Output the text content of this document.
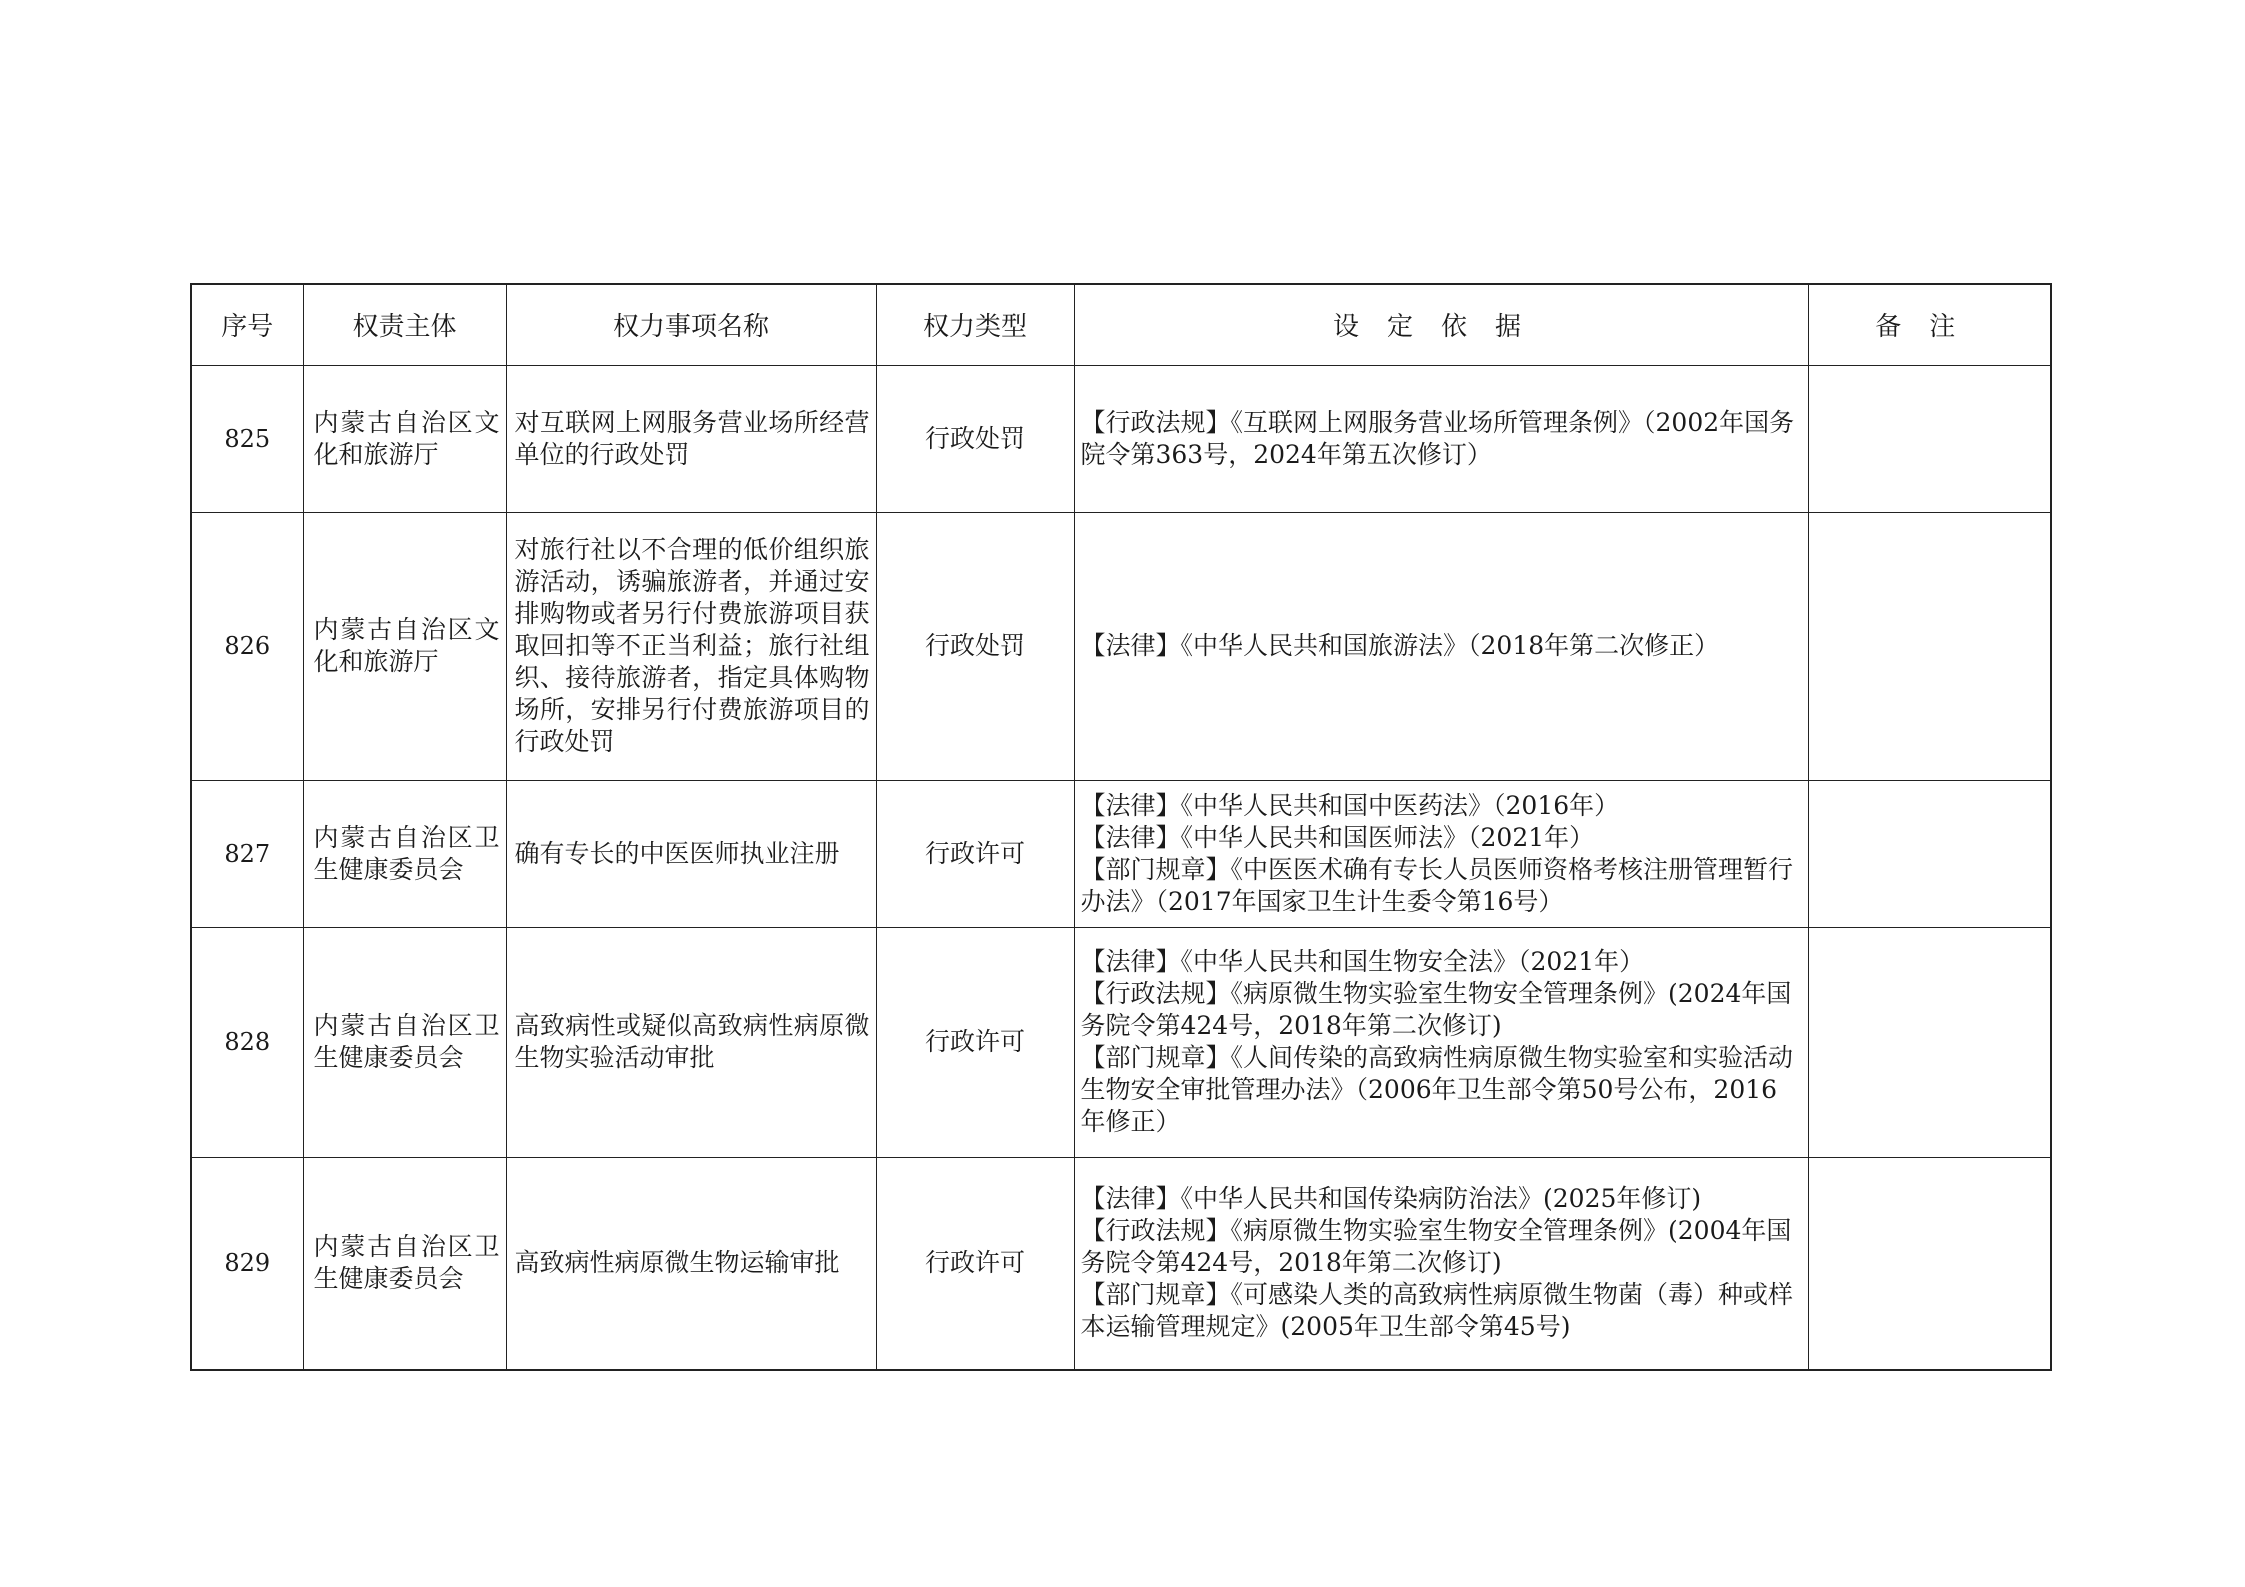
序号	权责主体	权力事项名称	权力类型	设定依据	备注
825	内蒙古自治区文化和旅游厅	对互联网上网服务营业场所经营单位的行政处罚	行政处罚	【行政法规】《互联网上网服务营业场所管理条例》（2002年国务院令第363号，2024年第五次修订）	

826	内蒙古自治区文化和旅游厅	对旅行社以不合理的低价组织旅游活动，诱骗旅游者，并通过安排购物或者另行付费旅游项目获取回扣等不正当利益；旅行社组织、接待旅游者，指定具体购物场所，安排另行付费旅游项目的行政处罚	行政处罚	【法律】《中华人民共和国旅游法》（2018年第二次修正）	

827	内蒙古自治区卫生健康委员会	确有专长的中医医师执业注册	行政许可	【法律】《中华人民共和国中医药法》（2016年）
【法律】《中华人民共和国医师法》（2021年）
【部门规章】《中医医术确有专长人员医师资格考核注册管理暂行办法》（2017年国家卫生计生委令第16号）	

828	内蒙古自治区卫生健康委员会	高致病性或疑似高致病性病原微生物实验活动审批	行政许可	【法律】《中华人民共和国生物安全法》（2021年）
【行政法规】《病原微生物实验室生物安全管理条例》(2024年国务院令第424号，2018年第二次修订)
【部门规章】《人间传染的高致病性病原微生物实验室和实验活动生物安全审批管理办法》（2006年卫生部令第50号公布，2016年修正）	

829	内蒙古自治区卫生健康委员会	高致病性病原微生物运输审批	行政许可	【法律】《中华人民共和国传染病防治法》(2025年修订)
【行政法规】《病原微生物实验室生物安全管理条例》(2004年国务院令第424号，2018年第二次修订)
【部门规章】《可感染人类的高致病性病原微生物菌（毒）种或样本运输管理规定》(2005年卫生部令第45号)	
